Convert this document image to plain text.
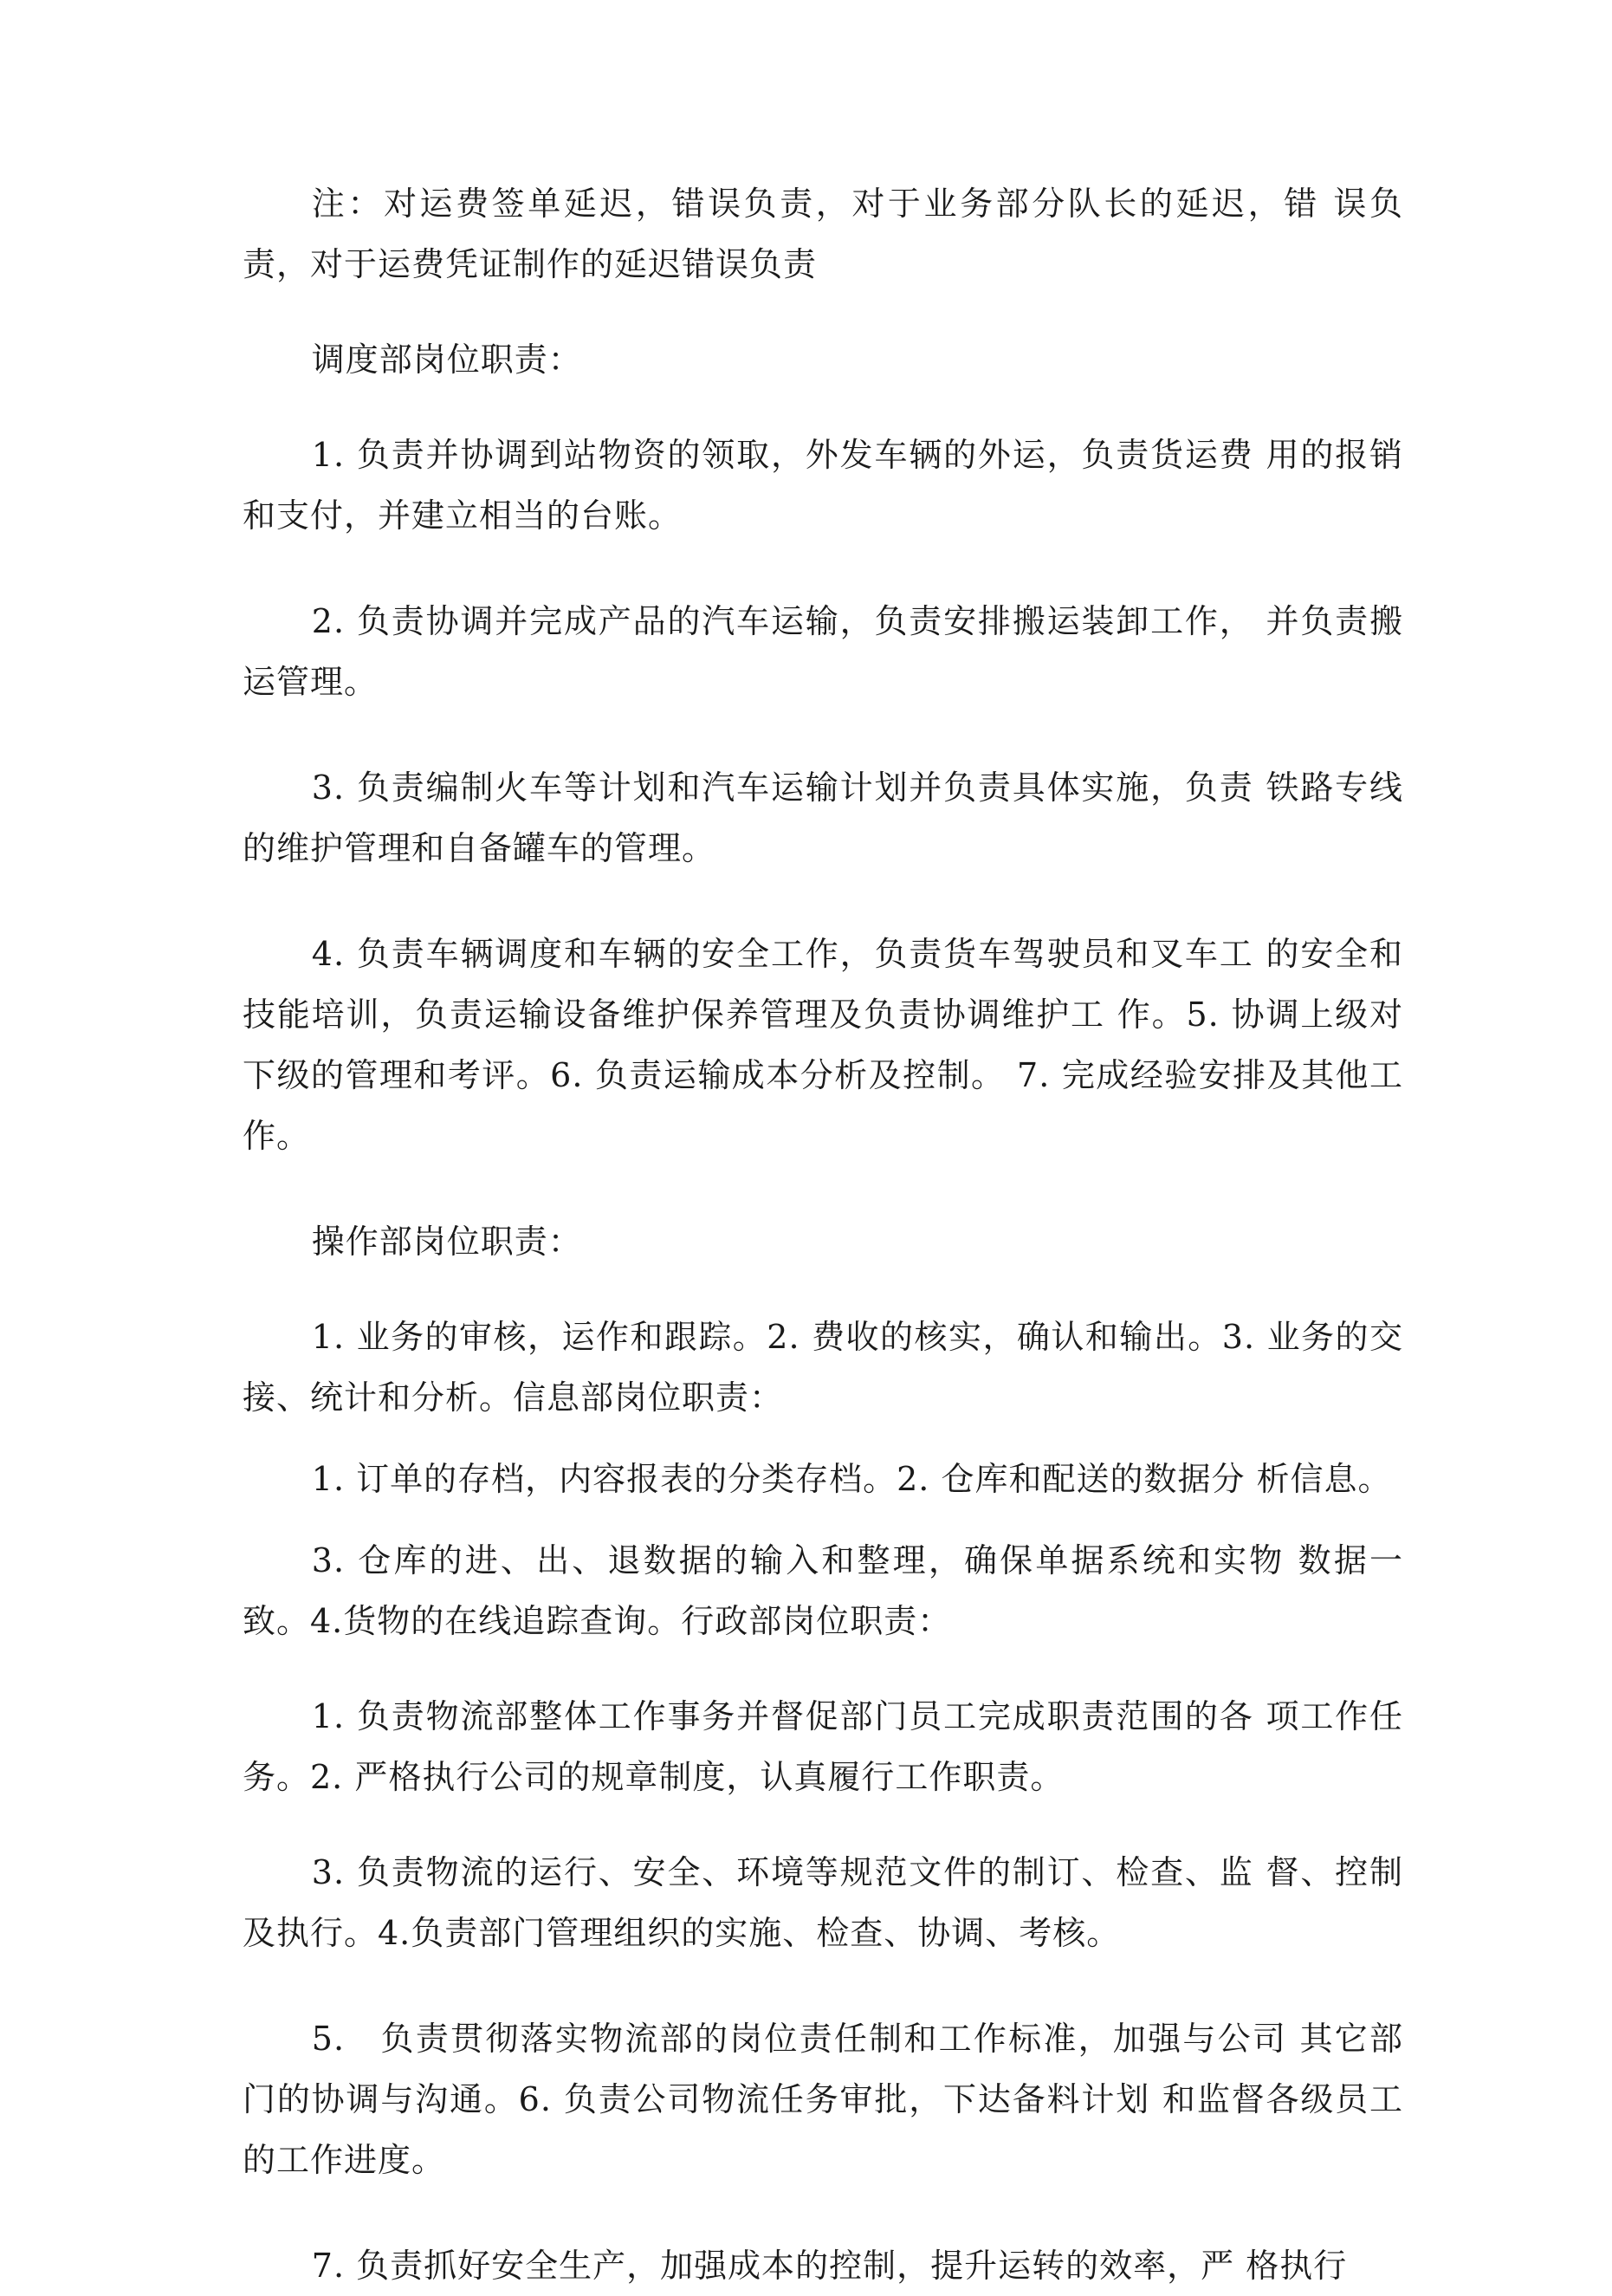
注：对运费签单延迟，错误负责，对于业务部分队长的延迟，错 误负责，对于运费凭证制作的延迟错误负责

调度部岗位职责：

1. 负责并协调到站物资的领取，外发车辆的外运，负责货运费 用的报销和支付，并建立相当的台账。

2. 负责协调并完成产品的汽车运输，负责安排搬运装卸工作， 并负责搬运管理。

3. 负责编制火车等计划和汽车运输计划并负责具体实施，负责 铁路专线的维护管理和自备罐车的管理。

4. 负责车辆调度和车辆的安全工作，负责货车驾驶员和叉车工 的安全和技能培训，负责运输设备维护保养管理及负责协调维护工 作。5. 协调上级对下级的管理和考评。6. 负责运输成本分析及控制。 7. 完成经验安排及其他工作。

操作部岗位职责：

1. 业务的审核，运作和跟踪。2. 费收的核实，确认和输出。3. 业务的交接、统计和分析。信息部岗位职责：

1. 订单的存档，内容报表的分类存档。2. 仓库和配送的数据分 析信息。

3. 仓库的进、出、退数据的输入和整理，确保单据系统和实物 数据一致。4.货物的在线追踪查询。行政部岗位职责：

1. 负责物流部整体工作事务并督促部门员工完成职责范围的各 项工作任务。2. 严格执行公司的规章制度，认真履行工作职责。

3. 负责物流的运行、安全、环境等规范文件的制订、检查、监 督、控制及执行。4.负责部门管理组织的实施、检查、协调、考核。

5.　负责贯彻落实物流部的岗位责任制和工作标准，加强与公司 其它部门的协调与沟通。6. 负责公司物流任务审批，下达备料计划 和监督各级员工的工作进度。

7. 负责抓好安全生产，加强成本的控制，提升运转的效率，严 格执行
